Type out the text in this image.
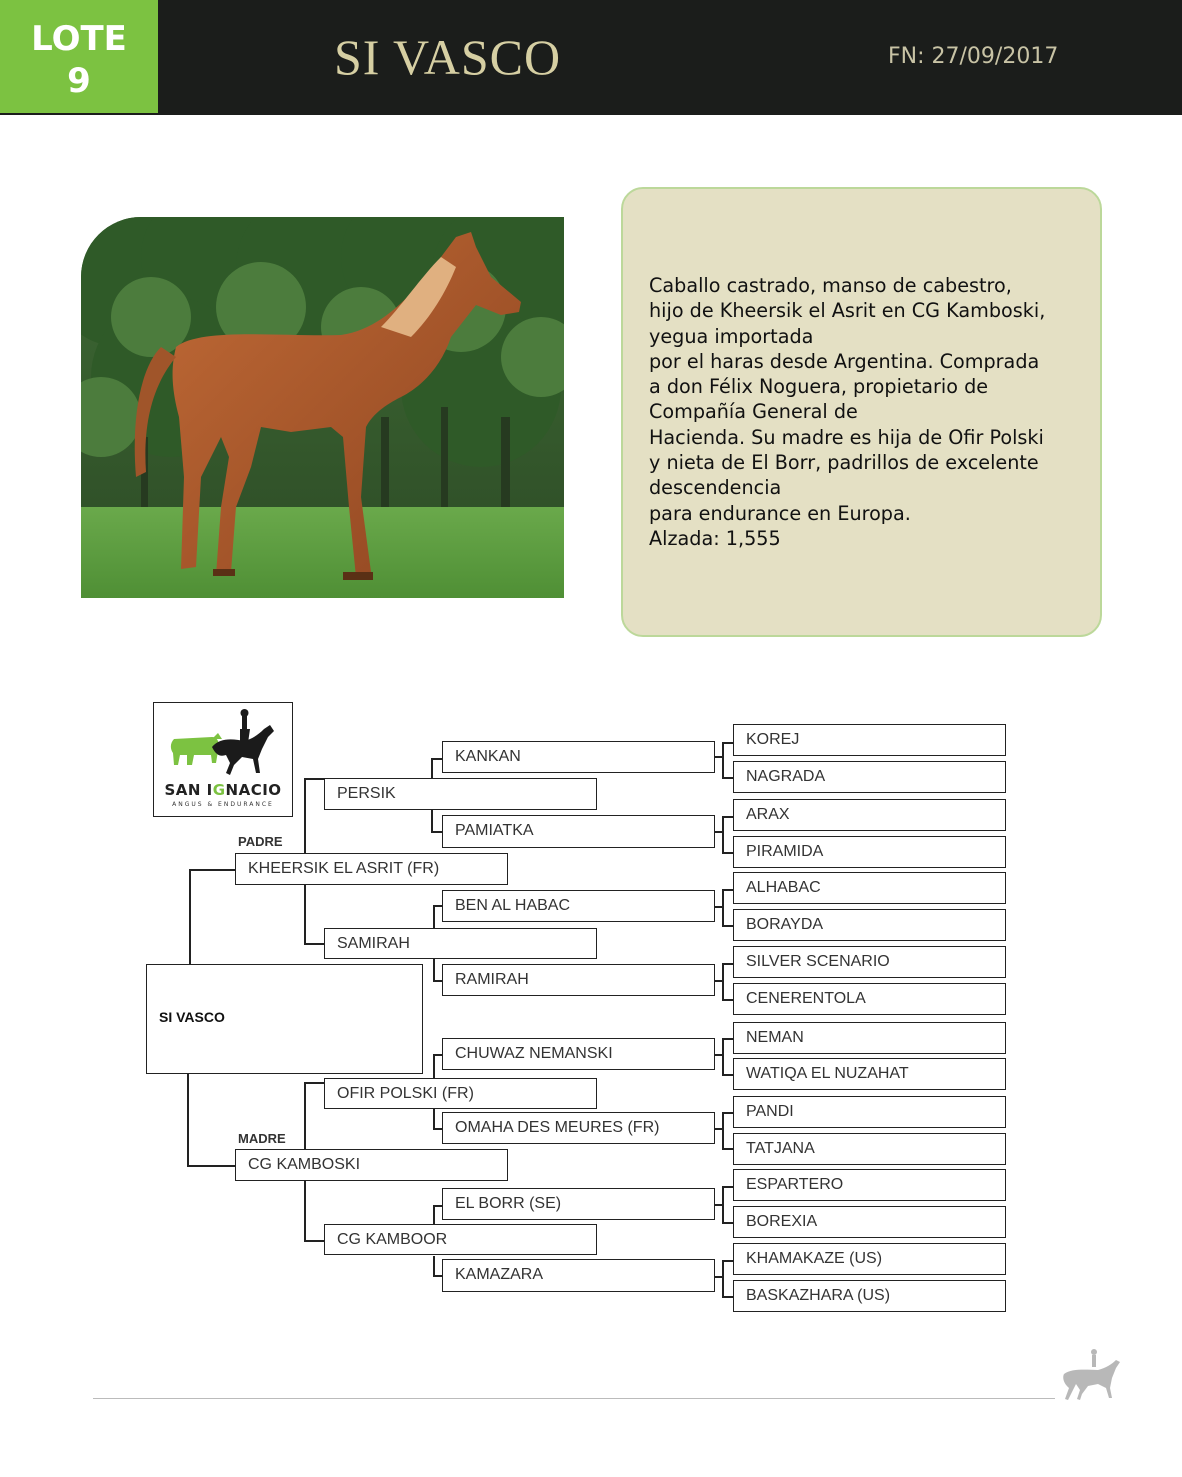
LOTE
9	SI VASCO	FN: 27/09/2017
Caballo castrado, manso de cabestro,
hijo de Kheersik el Asrit en CG Kamboski,
yegua importada
por el haras desde Argentina. Comprada
a don Félix Noguera, propietario de
Compañía General de
Hacienda. Su madre es hija de Ofir Polski
y nieta de El Borr, padrillos de excelente
descendencia
para endurance en Europa.
Alzada: 1,555
SAN IGNACIO
ANGUS & ENDURANCE
SI VASCO
PADRE
KHEERSIK EL ASRIT (FR)
MADRE
CG KAMBOSKI
PERSIK
SAMIRAH
OFIR POLSKI (FR)
CG KAMBOOR
KANKAN
PAMIATKA
BEN AL HABAC
RAMIRAH
CHUWAZ NEMANSKI
OMAHA DES MEURES (FR)
EL BORR (SE)
KAMAZARA
KOREJ
NAGRADA
ARAX
PIRAMIDA
ALHABAC
BORAYDA
SILVER SCENARIO
CENERENTOLA
NEMAN
WATIQA EL NUZAHAT
PANDI
TATJANA
ESPARTERO
BOREXIA
KHAMAKAZE (US)
BASKAZHARA (US)
